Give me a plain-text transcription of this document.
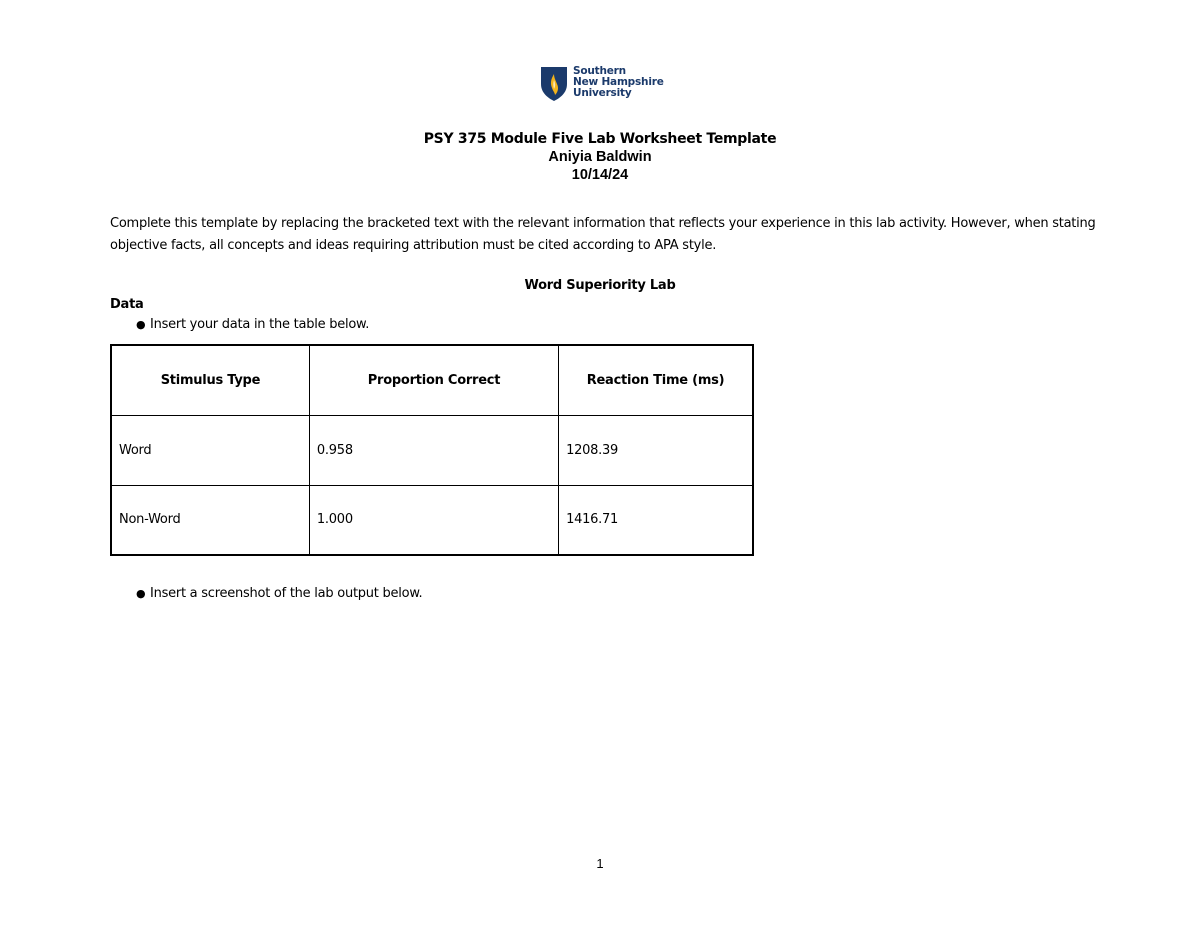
Southern
New Hampshire
University
PSY 375 Module Five Lab Worksheet Template
Aniyia Baldwin
10/14/24
Complete this template by replacing the bracketed text with the relevant information that reflects your experience in this lab activity. However, when stating objective facts, all concepts and ideas requiring attribution must be cited according to APA style.
Word Superiority Lab
Data
● Insert your data in the table below.
Stimulus Type	Proportion Correct	Reaction Time (ms)
Word	0.958	1208.39
Non-Word	1.000	1416.71
● Insert a screenshot of the lab output below.
1
